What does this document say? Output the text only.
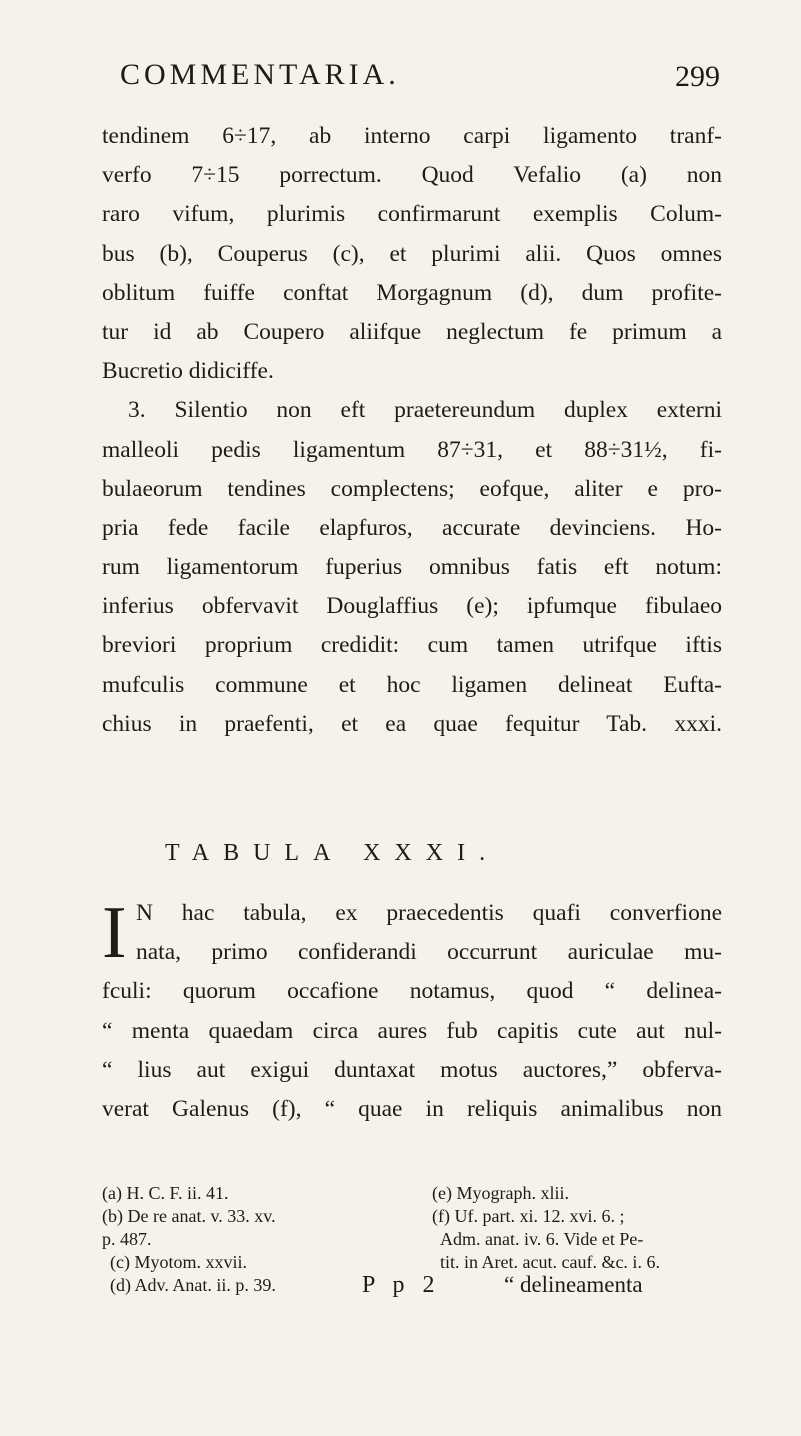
COMMENTARIA.	299
tendinem 6÷17, ab interno carpi ligamento tranf-
verfo 7÷15 porrectum. Quod Vefalio (a) non
raro vifum, plurimis confirmarunt exemplis Colum-
bus (b), Couperus (c), et plurimi alii. Quos omnes
oblitum fuiffe conftat Morgagnum (d), dum profite-
tur id ab Coupero aliifque neglectum fe primum a
Bucretio didiciffe.
3. Silentio non eft praetereundum duplex externi
malleoli pedis ligamentum 87÷31, et 88÷31½, fi-
bulaeorum tendines complectens; eofque, aliter e pro-
pria fede facile elapfuros, accurate devinciens. Ho-
rum ligamentorum fuperius omnibus fatis eft notum:
inferius obfervavit Douglaffius (e); ipfumque fibulaeo
breviori proprium credidit: cum tamen utrifque iftis
mufculis commune et hoc ligamen delineat Eufta-
chius in praefenti, et ea quae fequitur Tab. xxxi.
TABULA XXXI.
I N hac tabula, ex praecedentis quafi converfione
nata, primo confiderandi occurrunt auriculae mu-
fculi: quorum occafione notamus, quod “ delinea-
“ menta quaedam circa aures fub capitis cute aut nul-
“ lius aut exigui duntaxat motus auctores,” obferva-
verat Galenus (f), “ quae in reliquis animalibus non
(a) H. C. F. ii. 41.
(b) De re anat. v. 33. xv.
p. 487.
(c) Myotom. xxvii.
(d) Adv. Anat. ii. p. 39.
(e) Myograph. xlii.
(f) Uf. part. xi. 12. xvi. 6. ;
Adm. anat. iv. 6. Vide et Pe-
tit. in Aret. acut. cauf. &c. i. 6.
P p 2	“ delineamenta
